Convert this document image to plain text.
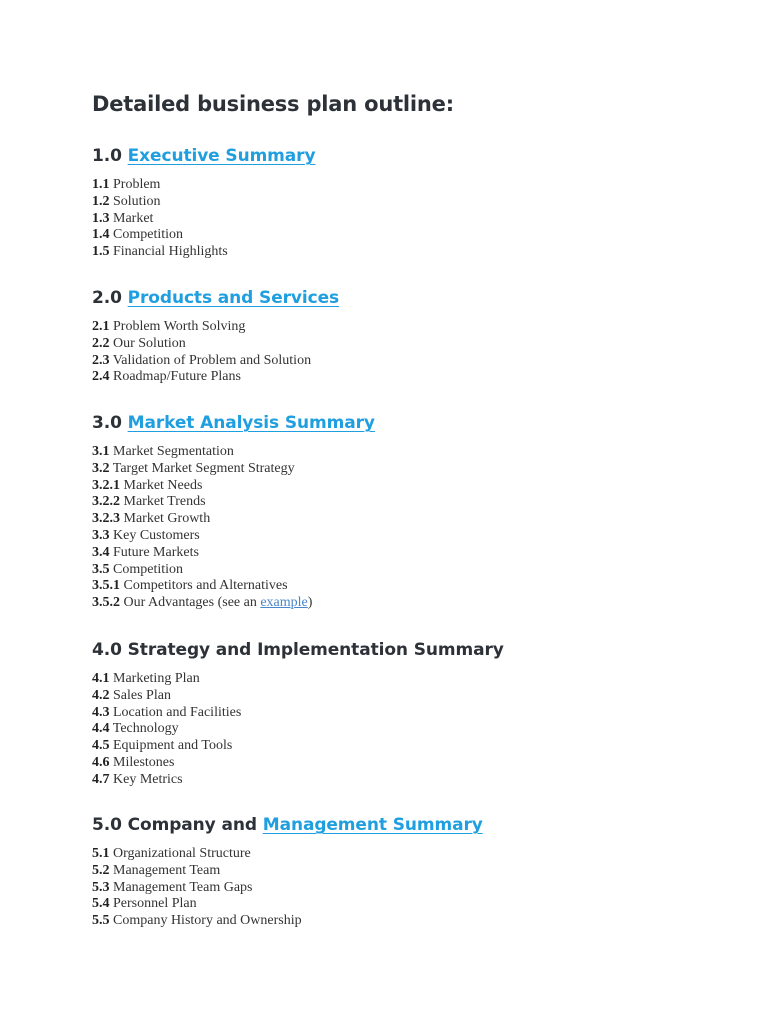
Detailed business plan outline:
1.0 Executive Summary
1.1 Problem
1.2 Solution
1.3 Market
1.4 Competition
1.5 Financial Highlights
2.0 Products and Services
2.1 Problem Worth Solving
2.2 Our Solution
2.3 Validation of Problem and Solution
2.4 Roadmap/Future Plans
3.0 Market Analysis Summary
3.1 Market Segmentation
3.2 Target Market Segment Strategy
3.2.1 Market Needs
3.2.2 Market Trends
3.2.3 Market Growth
3.3 Key Customers
3.4 Future Markets
3.5 Competition
3.5.1 Competitors and Alternatives
3.5.2 Our Advantages (see an example)
4.0 Strategy and Implementation Summary
4.1 Marketing Plan
4.2 Sales Plan
4.3 Location and Facilities
4.4 Technology
4.5 Equipment and Tools
4.6 Milestones
4.7 Key Metrics
5.0 Company and Management Summary
5.1 Organizational Structure
5.2 Management Team
5.3 Management Team Gaps
5.4 Personnel Plan
5.5 Company History and Ownership
